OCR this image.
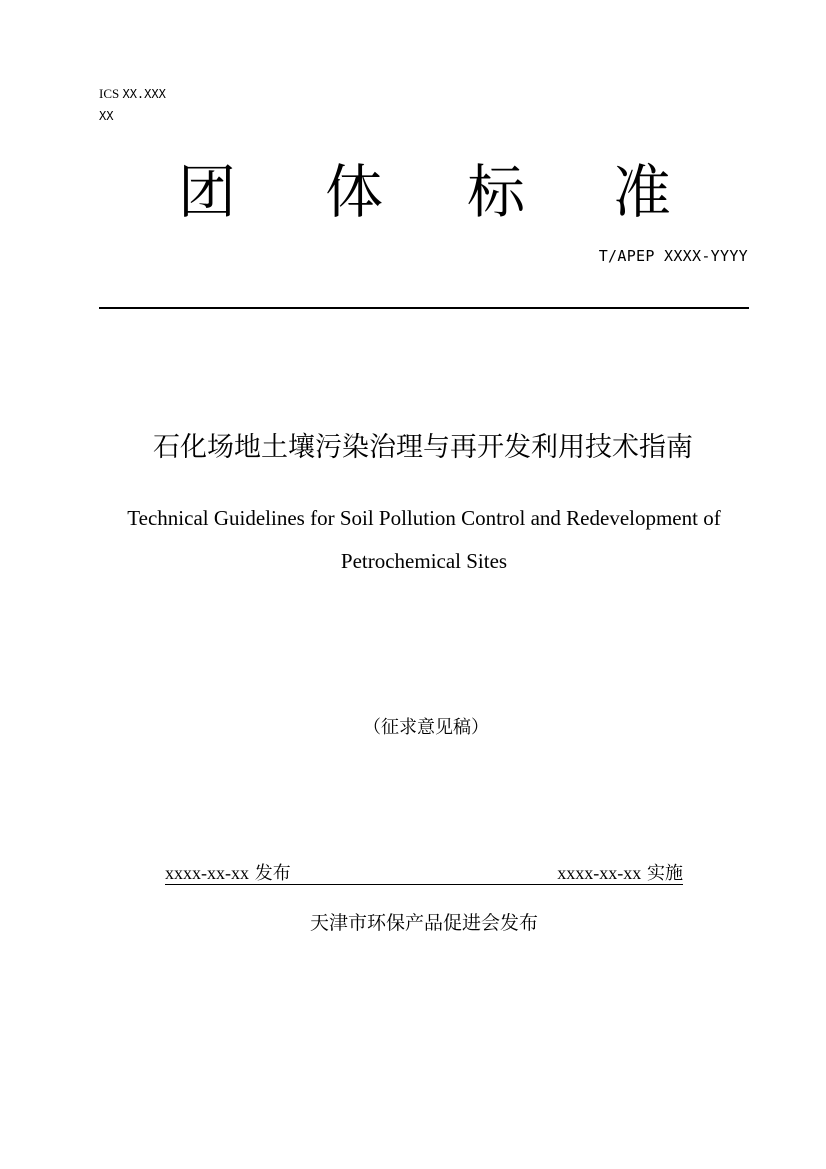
ICS XX.XXX
XX
团 体 标 准
T/APEP XXXX-YYYY
石化场地土壤污染治理与再开发利用技术指南
Technical Guidelines for Soil Pollution Control and Redevelopment of
Petrochemical Sites
（征求意见稿）
xxxx-xx-xx 发布	xxxx-xx-xx 实施
天津市环保产品促进会发布
